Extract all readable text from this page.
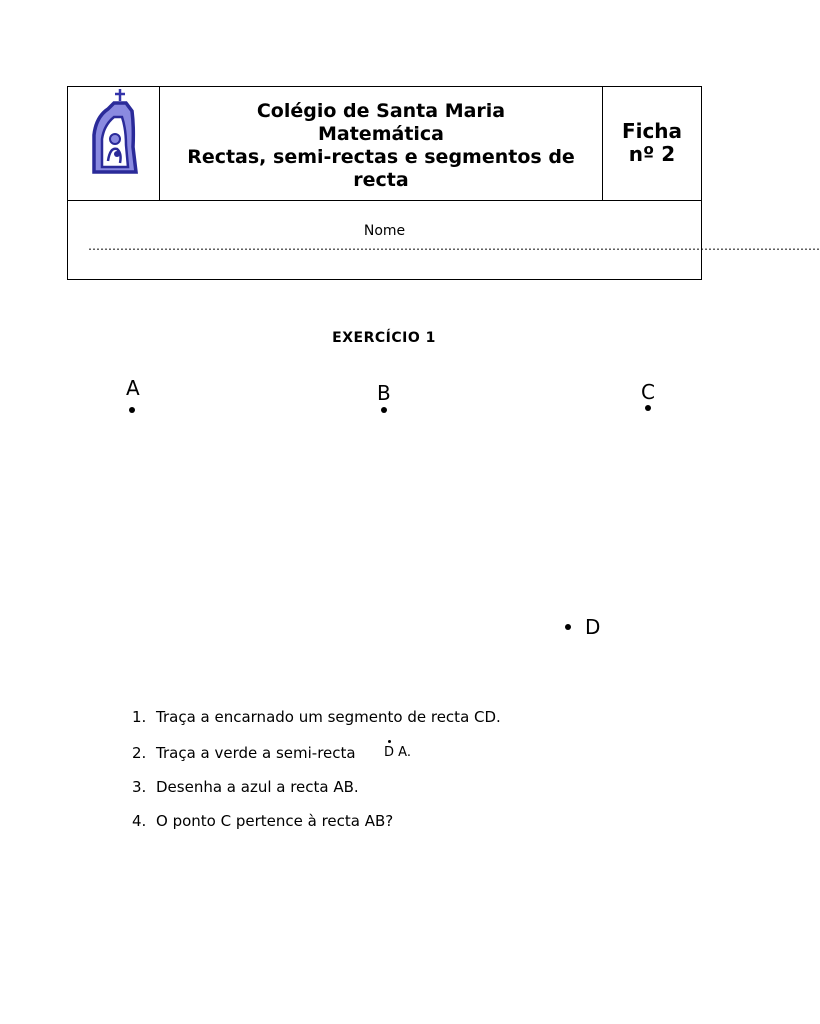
Colégio de Santa Maria
Matemática
Rectas, semi-rectas e segmentos de
recta
Ficha
nº 2
Nome
…………………………………………………………………………………………………………………………………………………………………
EXERCÍCIO 1
A	B	C
D
1. Traça a encarnado um segmento de recta CD.
2. Traça a verde a semi-recta D A.
3. Desenha a azul a recta AB.
4. O ponto C pertence à recta AB?
